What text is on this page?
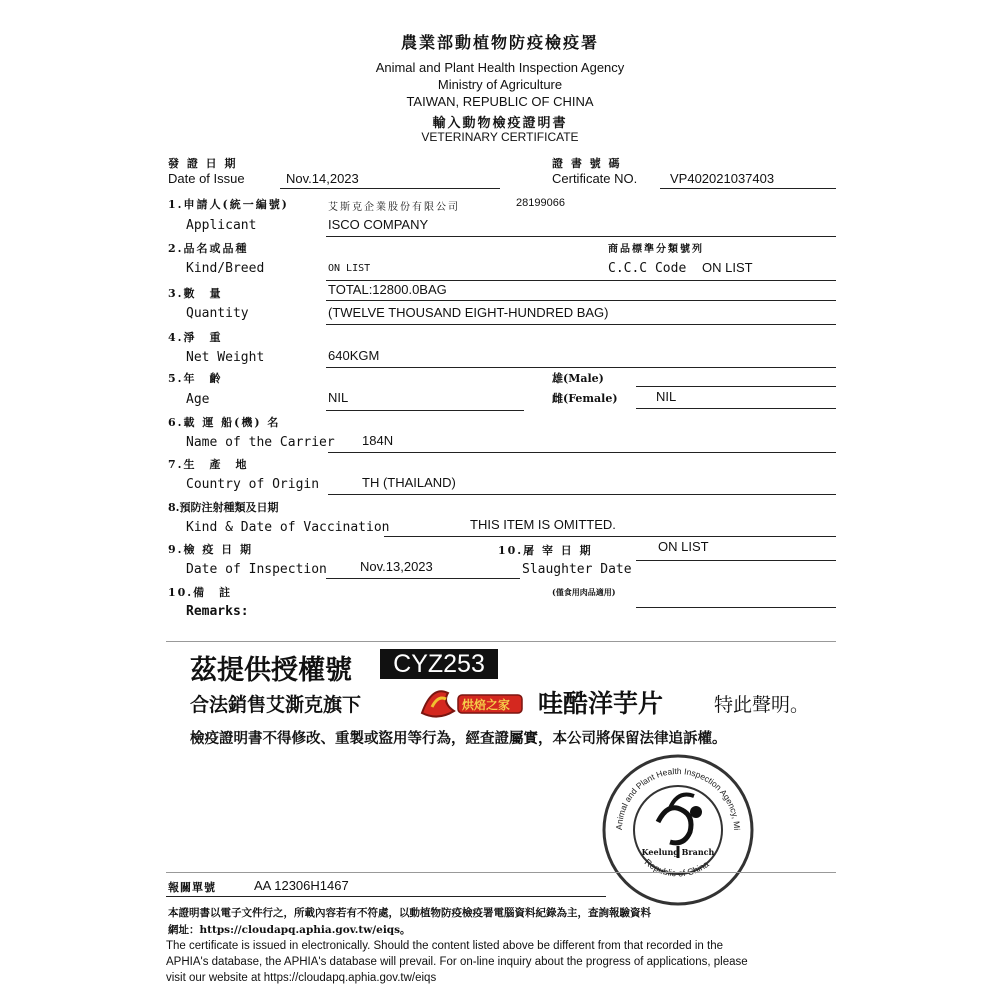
農業部動植物防疫檢疫署
Animal and Plant Health Inspection Agency
Ministry of Agriculture
TAIWAN, REPUBLIC OF CHINA
輸入動物檢疫證明書
VETERINARY CERTIFICATE
發 證 日 期
Date of Issue	Nov.14,2023
證 書 號 碼
Certificate NO.	VP402021037403
1.申請人(統一編號)
Applicant
艾斯克企業股份有限公司	28199066
ISCO COMPANY
2.品名或品種
Kind/Breed	ON LIST
商品標準分類號列
C.C.C Code ON LIST
3.數　量
Quantity
TOTAL:12800.0BAG
(TWELVE THOUSAND EIGHT-HUNDRED BAG)
4.淨　重
Net Weight	640KGM
5.年　齡
Age	NIL
雄(Male)
雌(Female)	NIL
6.載 運 船(機) 名
Name of the Carrier 184N
7.生　產　地
Country of Origin	TH (THAILAND)
8.預防注射種類及日期
Kind & Date of Vaccination	THIS ITEM IS OMITTED.
9.檢 疫 日 期
Date of Inspection	Nov.13,2023
10.屠 宰 日 期
Slaughter Date
ON LIST
(僅食用肉品適用)
10.備　註
Remarks:
茲提供授權號	CYZ253
合法銷售艾澌克旗下	烘焙之家 哇酷洋芋片	特此聲明。
檢疫證明書不得修改、重製或盜用等行為，經查證屬實，本公司將保留法律追訴權。
Animal and Plant Health Inspection Agency, Mi
Republic of China
Keelung Branch
報關單號	AA 12306H1467
本證明書以電子文件行之，所載內容若有不符處，以動植物防疫檢疫署電腦資料紀錄為主，查詢報驗資料
網址：https://cloudapq.aphia.gov.tw/eiqs。
The certificate is issued in electronically. Should the content listed above be different from that recorded in the
APHIA's database, the APHIA's database will prevail. For on-line inquiry about the progress of applications, please
visit our website at https://cloudapq.aphia.gov.tw/eiqs
